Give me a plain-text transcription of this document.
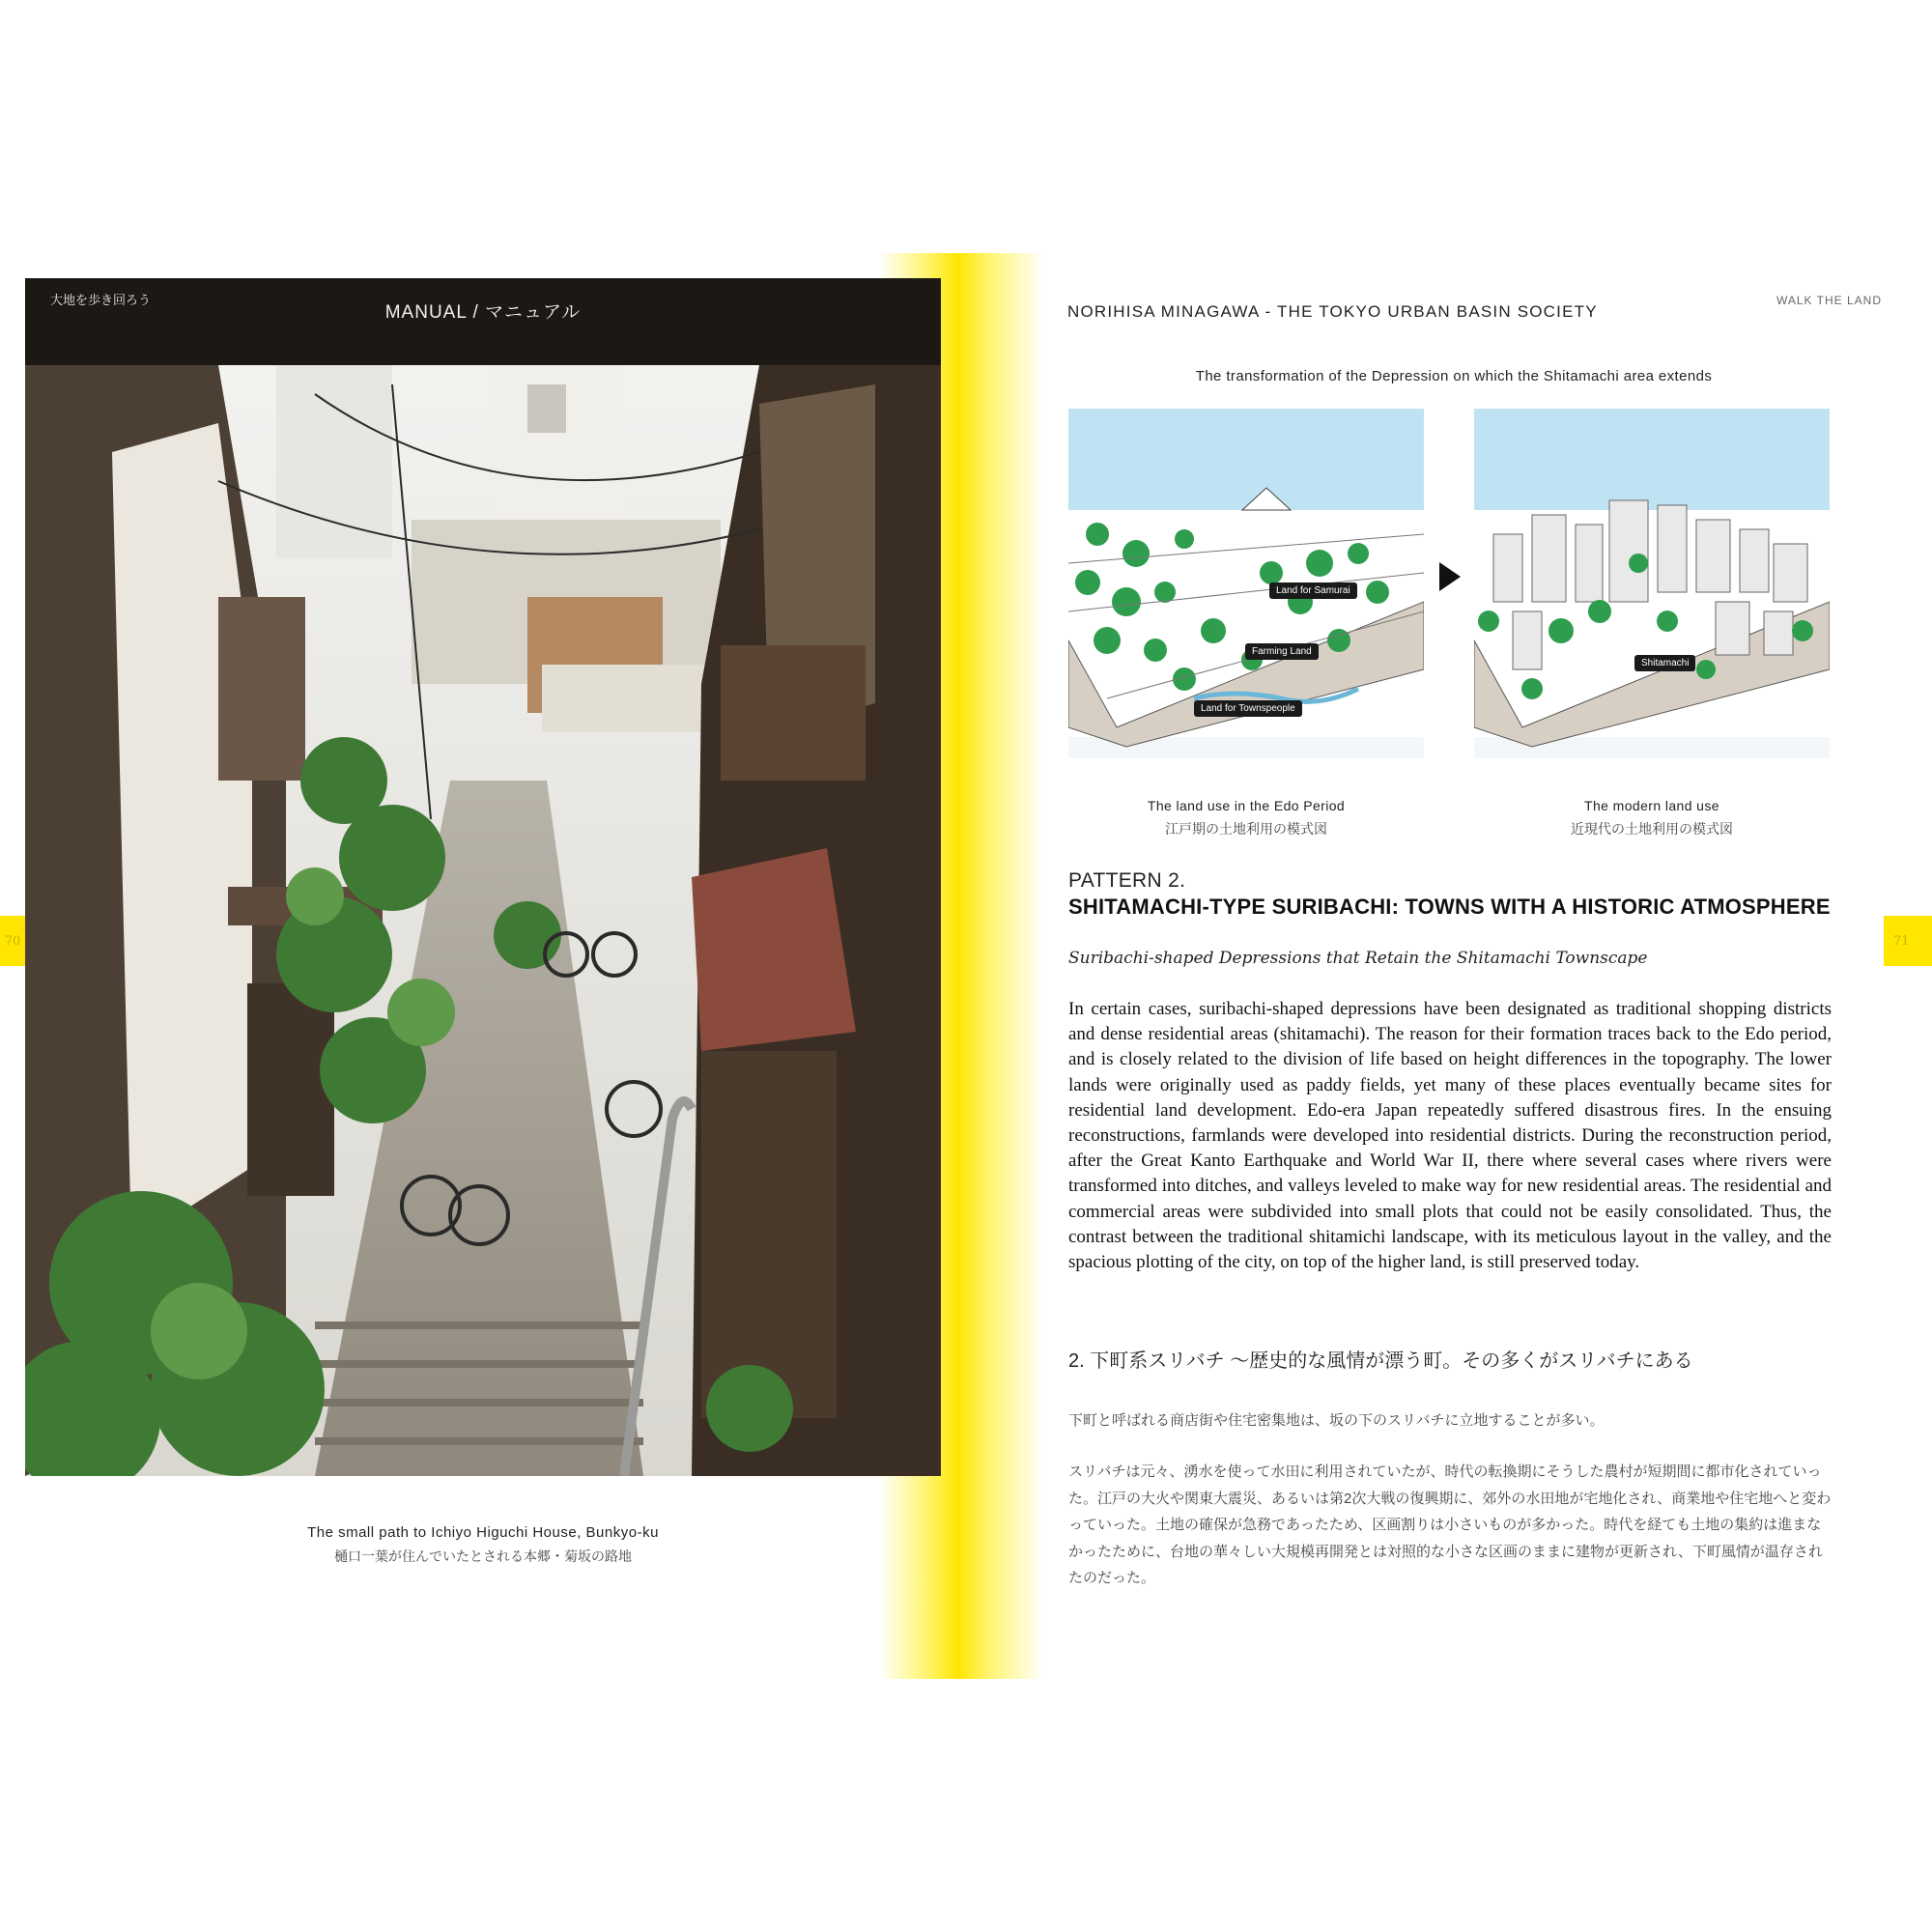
70	71
大地を歩き回ろう
MANUAL / マニュアル
The small path to Ichiyo Higuchi House, Bunkyo-ku
樋口一葉が住んでいたとされる本郷・菊坂の路地
NORIHISA MINAGAWA - THE TOKYO URBAN BASIN SOCIETY
WALK THE LAND
The transformation of the Depression on which the Shitamachi area extends
Land for Samurai
Farming Land
Land for Townspeople
Shitamachi
The land use in the Edo Period
江戸期の土地利用の模式図
The modern land use
近現代の土地利用の模式図
PATTERN 2.
SHITAMACHI-TYPE SURIBACHI: TOWNS WITH A HISTORIC ATMOSPHERE
Suribachi-shaped Depressions that Retain the Shitamachi Townscape
In certain cases, suribachi-shaped depressions have been designated as traditional shopping districts and dense residential areas (shitamachi). The reason for their formation traces back to the Edo period, and is closely related to the division of life based on height differences in the topography. The lower lands were originally used as paddy fields, yet many of these places eventually became sites for residential land development. Edo-era Japan repeatedly suffered disastrous fires. In the ensuing reconstructions, farmlands were developed into residential districts. During the reconstruction period, after the Great Kanto Earthquake and World War II, there where several cases where rivers were transformed into ditches, and valleys leveled to make way for new residential areas. The residential and commercial areas were subdivided into small plots that could not be easily consolidated. Thus, the contrast between the traditional shitamichi landscape, with its meticulous layout in the valley, and the spacious plotting of the city, on top of the higher land, is still preserved today.
2. 下町系スリバチ 〜歴史的な風情が漂う町。その多くがスリバチにある
下町と呼ばれる商店街や住宅密集地は、坂の下のスリバチに立地することが多い。
スリバチは元々、湧水を使って水田に利用されていたが、時代の転換期にそうした農村が短期間に都市化されていった。江戸の大火や関東大震災、あるいは第2次大戦の復興期に、郊外の水田地が宅地化され、商業地や住宅地へと変わっていった。土地の確保が急務であったため、区画割りは小さいものが多かった。時代を経ても土地の集約は進まなかったために、台地の華々しい大規模再開発とは対照的な小さな区画のままに建物が更新され、下町風情が温存されたのだった。
